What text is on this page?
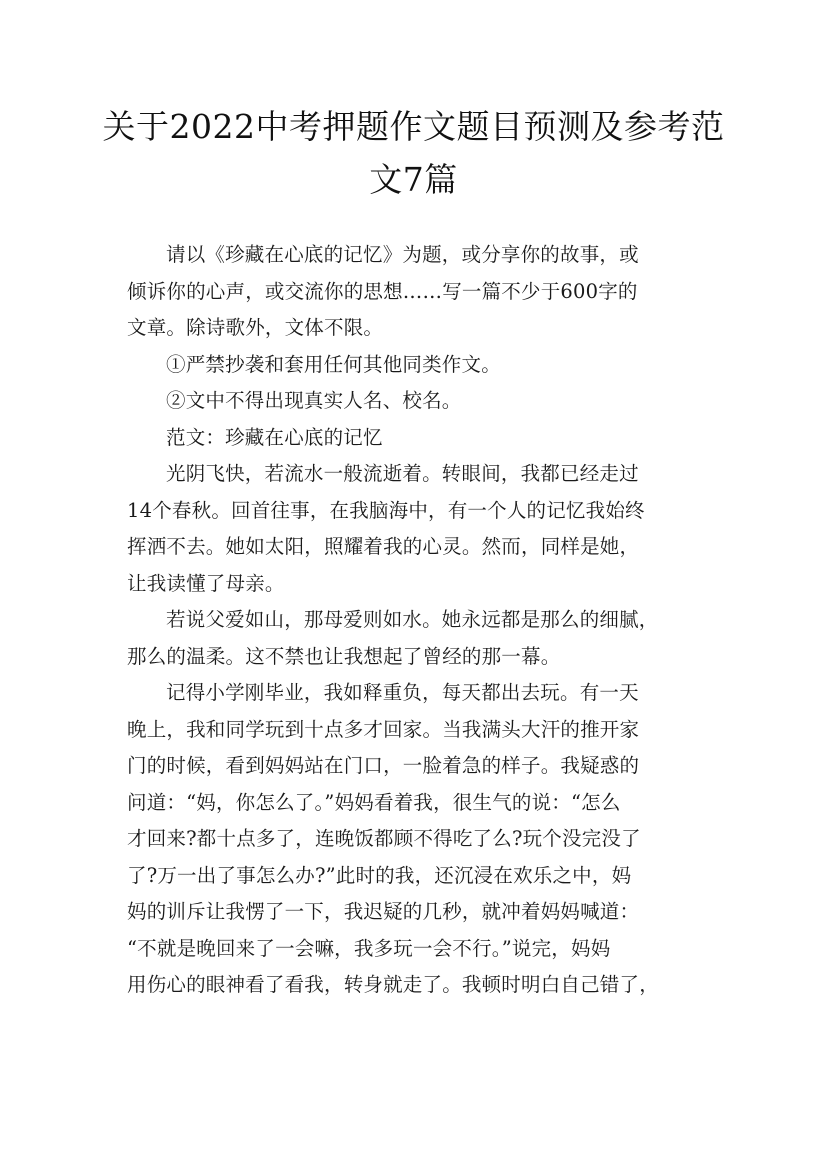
关于2022中考押题作文题目预测及参考范
文7篇

请以《珍藏在心底的记忆》为题，或分享你的故事，或
倾诉你的心声，或交流你的思想……写一篇不少于600字的
文章。除诗歌外，文体不限。

①严禁抄袭和套用任何其他同类作文。

②文中不得出现真实人名、校名。

范文：珍藏在心底的记忆

光阴飞快，若流水一般流逝着。转眼间，我都已经走过
14个春秋。回首往事，在我脑海中，有一个人的记忆我始终
挥洒不去。她如太阳，照耀着我的心灵。然而，同样是她，
让我读懂了母亲。

若说父爱如山，那母爱则如水。她永远都是那么的细腻，
那么的温柔。这不禁也让我想起了曾经的那一幕。

记得小学刚毕业，我如释重负，每天都出去玩。有一天
晚上，我和同学玩到十点多才回家。当我满头大汗的推开家
门的时候，看到妈妈站在门口，一脸着急的样子。我疑惑的
问道：“妈，你怎么了。”妈妈看着我，很生气的说：“怎么
才回来?都十点多了，连晚饭都顾不得吃了么?玩个没完没了
了?万一出了事怎么办?”此时的我，还沉浸在欢乐之中，妈
妈的训斥让我愣了一下，我迟疑的几秒，就冲着妈妈喊道：
“不就是晚回来了一会嘛，我多玩一会不行。”说完，妈妈
用伤心的眼神看了看我，转身就走了。我顿时明白自己错了，
